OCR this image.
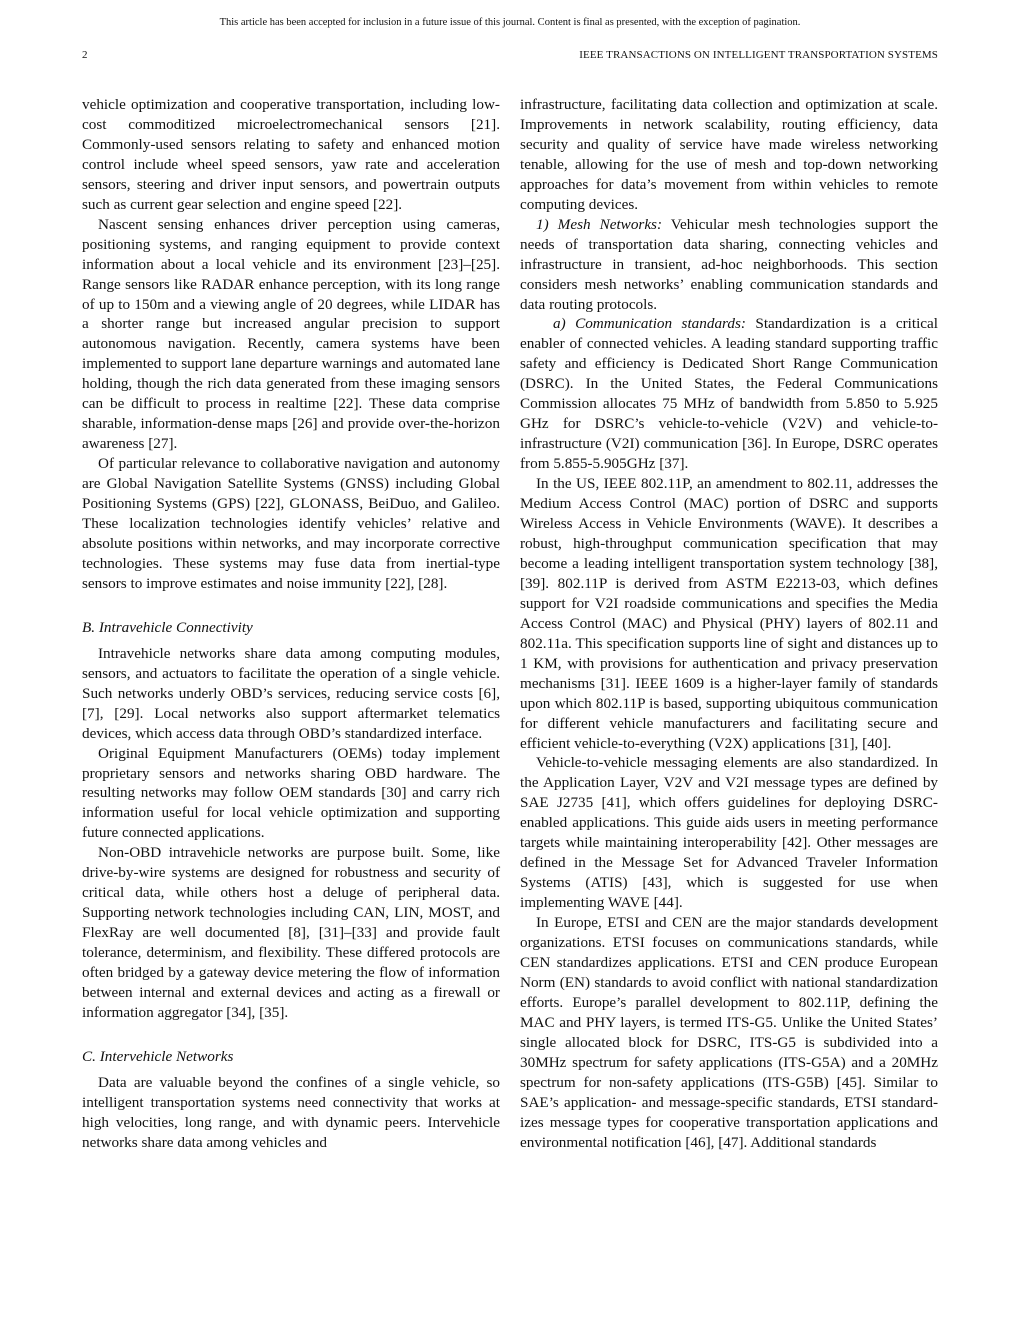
This article has been accepted for inclusion in a future issue of this journal. Content is final as presented, with the exception of pagination.
2	IEEE TRANSACTIONS ON INTELLIGENT TRANSPORTATION SYSTEMS

vehicle optimization and cooperative transportation, including low-cost commoditized microelectromechanical sensors [21]. Commonly-used sensors relating to safety and enhanced motion control include wheel speed sensors, yaw rate and acceleration sensors, steering and driver input sensors, and powertrain outputs such as current gear selection and engine speed [22].

Nascent sensing enhances driver perception using cameras, positioning systems, and ranging equipment to provide context information about a local vehicle and its environment [23]–[25]. Range sensors like RADAR enhance perception, with its long range of up to 150m and a viewing angle of 20 degrees, while LIDAR has a shorter range but increased angular precision to support autonomous navigation. Recently, camera systems have been implemented to support lane departure warnings and automated lane holding, though the rich data generated from these imaging sensors can be difficult to process in realtime [22]. These data comprise sharable, information-dense maps [26] and provide over-the-horizon awareness [27].

Of particular relevance to collaborative navigation and autonomy are Global Navigation Satellite Systems (GNSS) including Global Positioning Systems (GPS) [22], GLONASS, BeiDuo, and Galileo. These localization technologies identify vehicles’ relative and absolute positions within networks, and may incorporate corrective technologies. These systems may fuse data from inertial-type sensors to improve estimates and noise immunity [22], [28].

B. Intravehicle Connectivity

Intravehicle networks share data among computing modules, sensors, and actuators to facilitate the operation of a single vehicle. Such networks underly OBD’s services, reducing service costs [6], [7], [29]. Local networks also support aftermarket telematics devices, which access data through OBD’s standardized interface.

Original Equipment Manufacturers (OEMs) today implement proprietary sensors and networks sharing OBD hardware. The resulting networks may follow OEM standards [30] and carry rich information useful for local vehicle optimization and supporting future connected applications.

Non-OBD intravehicle networks are purpose built. Some, like drive-by-wire systems are designed for robustness and security of critical data, while others host a deluge of peripheral data. Supporting network technologies including CAN, LIN, MOST, and FlexRay are well documented [8], [31]–[33] and provide fault tolerance, determinism, and flexibility. These differed protocols are often bridged by a gateway device metering the flow of information between internal and external devices and acting as a firewall or information aggregator [34], [35].

C. Intervehicle Networks

Data are valuable beyond the confines of a single vehicle, so intelligent transportation systems need connectivity that works at high velocities, long range, and with dynamic peers. Intervehicle networks share data among vehicles and

infrastructure, facilitating data collection and optimization at scale. Improvements in network scalability, routing efficiency, data security and quality of service have made wireless networking tenable, allowing for the use of mesh and top-down networking approaches for data’s movement from within vehicles to remote computing devices.

1) Mesh Networks: Vehicular mesh technologies support the needs of transportation data sharing, connecting vehicles and infrastructure in transient, ad-hoc neighborhoods. This section considers mesh networks’ enabling communication standards and data routing protocols.

a) Communication standards: Standardization is a critical enabler of connected vehicles. A leading standard supporting traffic safety and efficiency is Dedicated Short Range Communication (DSRC). In the United States, the Federal Communications Commission allocates 75 MHz of bandwidth from 5.850 to 5.925 GHz for DSRC’s vehicle-to-vehicle (V2V) and vehicle-to-infrastructure (V2I) communication [36]. In Europe, DSRC operates from 5.855-5.905GHz [37].

In the US, IEEE 802.11P, an amendment to 802.11, addresses the Medium Access Control (MAC) portion of DSRC and supports Wireless Access in Vehicle Environments (WAVE). It describes a robust, high-throughput communication specification that may become a leading intelligent transportation system technology [38], [39]. 802.11P is derived from ASTM E2213-03, which defines support for V2I roadside communications and specifies the Media Access Control (MAC) and Physical (PHY) layers of 802.11 and 802.11a. This specification supports line of sight and distances up to 1 KM, with provisions for authentication and privacy preservation mechanisms [31]. IEEE 1609 is a higher-layer family of standards upon which 802.11P is based, supporting ubiquitous communication for different vehicle manufacturers and facilitating secure and efficient vehicle-to-everything (V2X) applications [31], [40].

Vehicle-to-vehicle messaging elements are also standardized. In the Application Layer, V2V and V2I message types are defined by SAE J2735 [41], which offers guidelines for deploying DSRC-enabled applications. This guide aids users in meeting performance targets while maintaining interoperability [42]. Other messages are defined in the Message Set for Advanced Traveler Information Systems (ATIS) [43], which is suggested for use when implementing WAVE [44].

In Europe, ETSI and CEN are the major standards development organizations. ETSI focuses on communications standards, while CEN standardizes applications. ETSI and CEN produce European Norm (EN) standards to avoid conflict with national standardization efforts. Europe’s parallel development to 802.11P, defining the MAC and PHY layers, is termed ITS-G5. Unlike the United States’ single allocated block for DSRC, ITS-G5 is subdivided into a 30MHz spectrum for safety applications (ITS-G5A) and a 20MHz spectrum for non-safety applications (ITS-G5B) [45]. Similar to SAE’s application- and message-specific standards, ETSI standardizes message types for cooperative transportation applications and environmental notification [46], [47]. Additional standards
